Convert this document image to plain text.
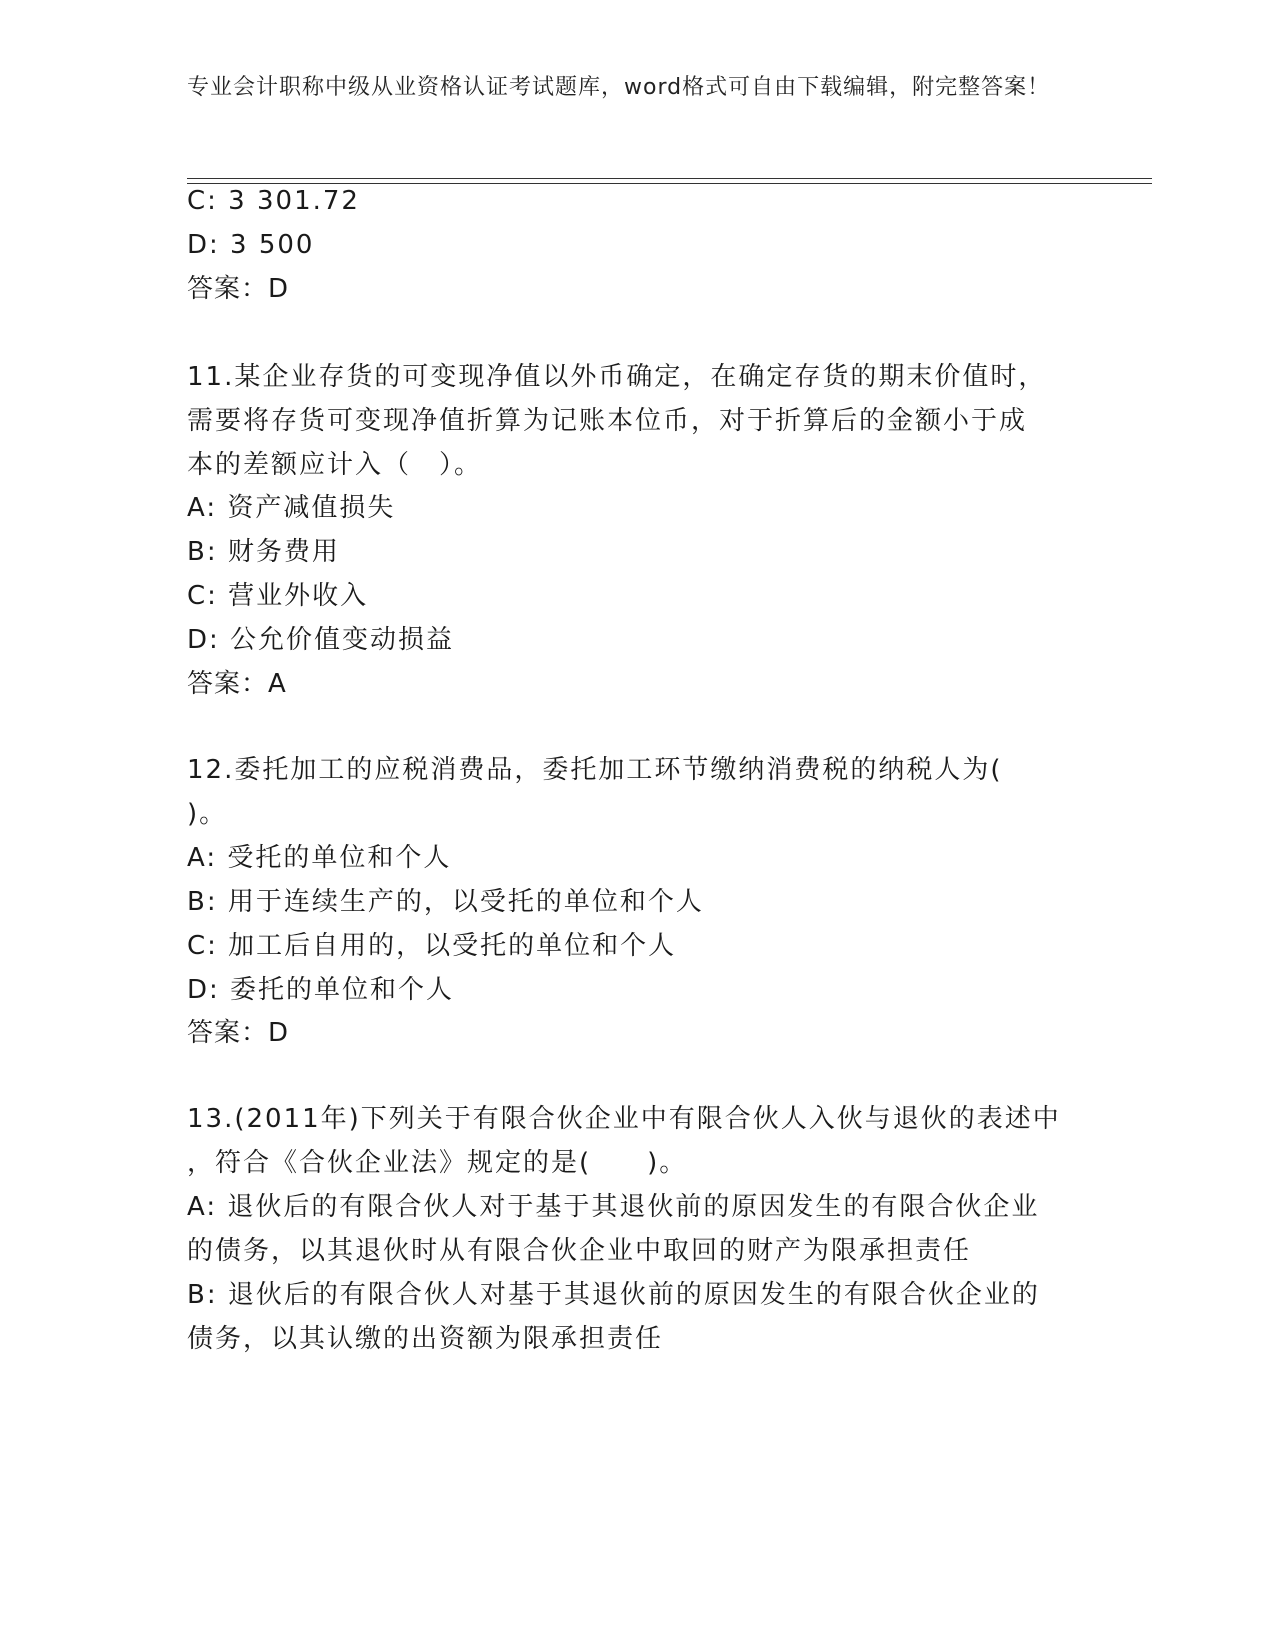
专业会计职称中级从业资格认证考试题库，word格式可自由下载编辑，附完整答案！
C: 3 301.72
D: 3 500
答案：D
11.某企业存货的可变现净值以外币确定，在确定存货的期末价值时，
需要将存货可变现净值折算为记账本位币，对于折算后的金额小于成
本的差额应计入（　）。
A: 资产减值损失
B: 财务费用
C: 营业外收入
D: 公允价值变动损益
答案：A
12.委托加工的应税消费品，委托加工环节缴纳消费税的纳税人为(
)。
A: 受托的单位和个人
B: 用于连续生产的，以受托的单位和个人
C: 加工后自用的，以受托的单位和个人
D: 委托的单位和个人
答案：D
13.(2011年)下列关于有限合伙企业中有限合伙人入伙与退伙的表述中
，符合《合伙企业法》规定的是(　　)。
A: 退伙后的有限合伙人对于基于其退伙前的原因发生的有限合伙企业
的债务，以其退伙时从有限合伙企业中取回的财产为限承担责任
B: 退伙后的有限合伙人对基于其退伙前的原因发生的有限合伙企业的
债务，以其认缴的出资额为限承担责任
